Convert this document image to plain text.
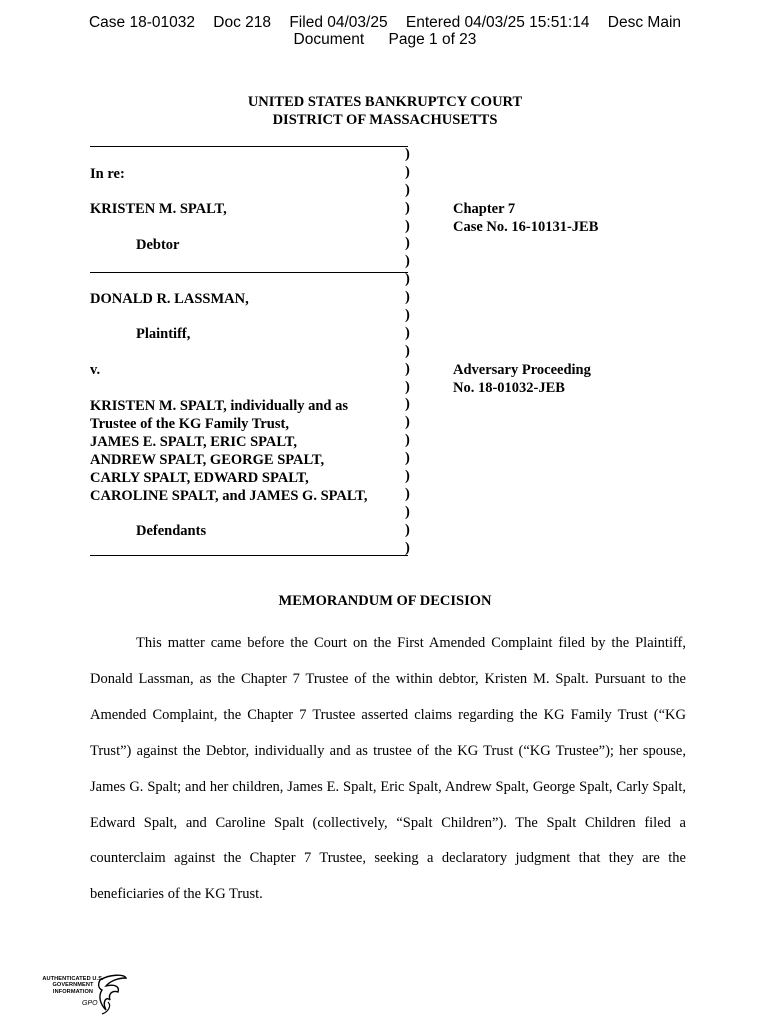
Case 18-01032 Doc 218 Filed 04/03/25 Entered 04/03/25 15:51:14 Desc Main
Document Page 1 of 23
UNITED STATES BANKRUPTCY COURT
DISTRICT OF MASSACHUSETTS
)
)
)
)
)
)
)
)
)
)
)
)
)
)
)
)
)
)
)
)
)
)
)
In re:
KRISTEN M. SPALT,
Debtor
DONALD R. LASSMAN,
Plaintiff,
v.
KRISTEN M. SPALT, individually and as
Trustee of the KG Family Trust,
JAMES E. SPALT, ERIC SPALT,
ANDREW SPALT, GEORGE SPALT,
CARLY SPALT, EDWARD SPALT,
CAROLINE SPALT, and JAMES G. SPALT,
Defendants
Chapter 7
Case No. 16-10131-JEB
Adversary Proceeding
No. 18-01032-JEB
MEMORANDUM OF DECISION

This matter came before the Court on the First Amended Complaint filed by the Plaintiff, Donald Lassman, as the Chapter 7 Trustee of the within debtor, Kristen M. Spalt. Pursuant to the Amended Complaint, the Chapter 7 Trustee asserted claims regarding the KG Family Trust (“KG Trust”) against the Debtor, individually and as trustee of the KG Trust (“KG Trustee”); her spouse, James G. Spalt; and her children, James E. Spalt, Eric Spalt, Andrew Spalt, George Spalt, Carly Spalt, Edward Spalt, and Caroline Spalt (collectively, “Spalt Children”). The Spalt Children filed a counterclaim against the Chapter 7 Trustee, seeking a declaratory judgment that they are the beneficiaries of the KG Trust.

AUTHENTICATED U.S. GOVERNMENT INFORMATION
GPO
